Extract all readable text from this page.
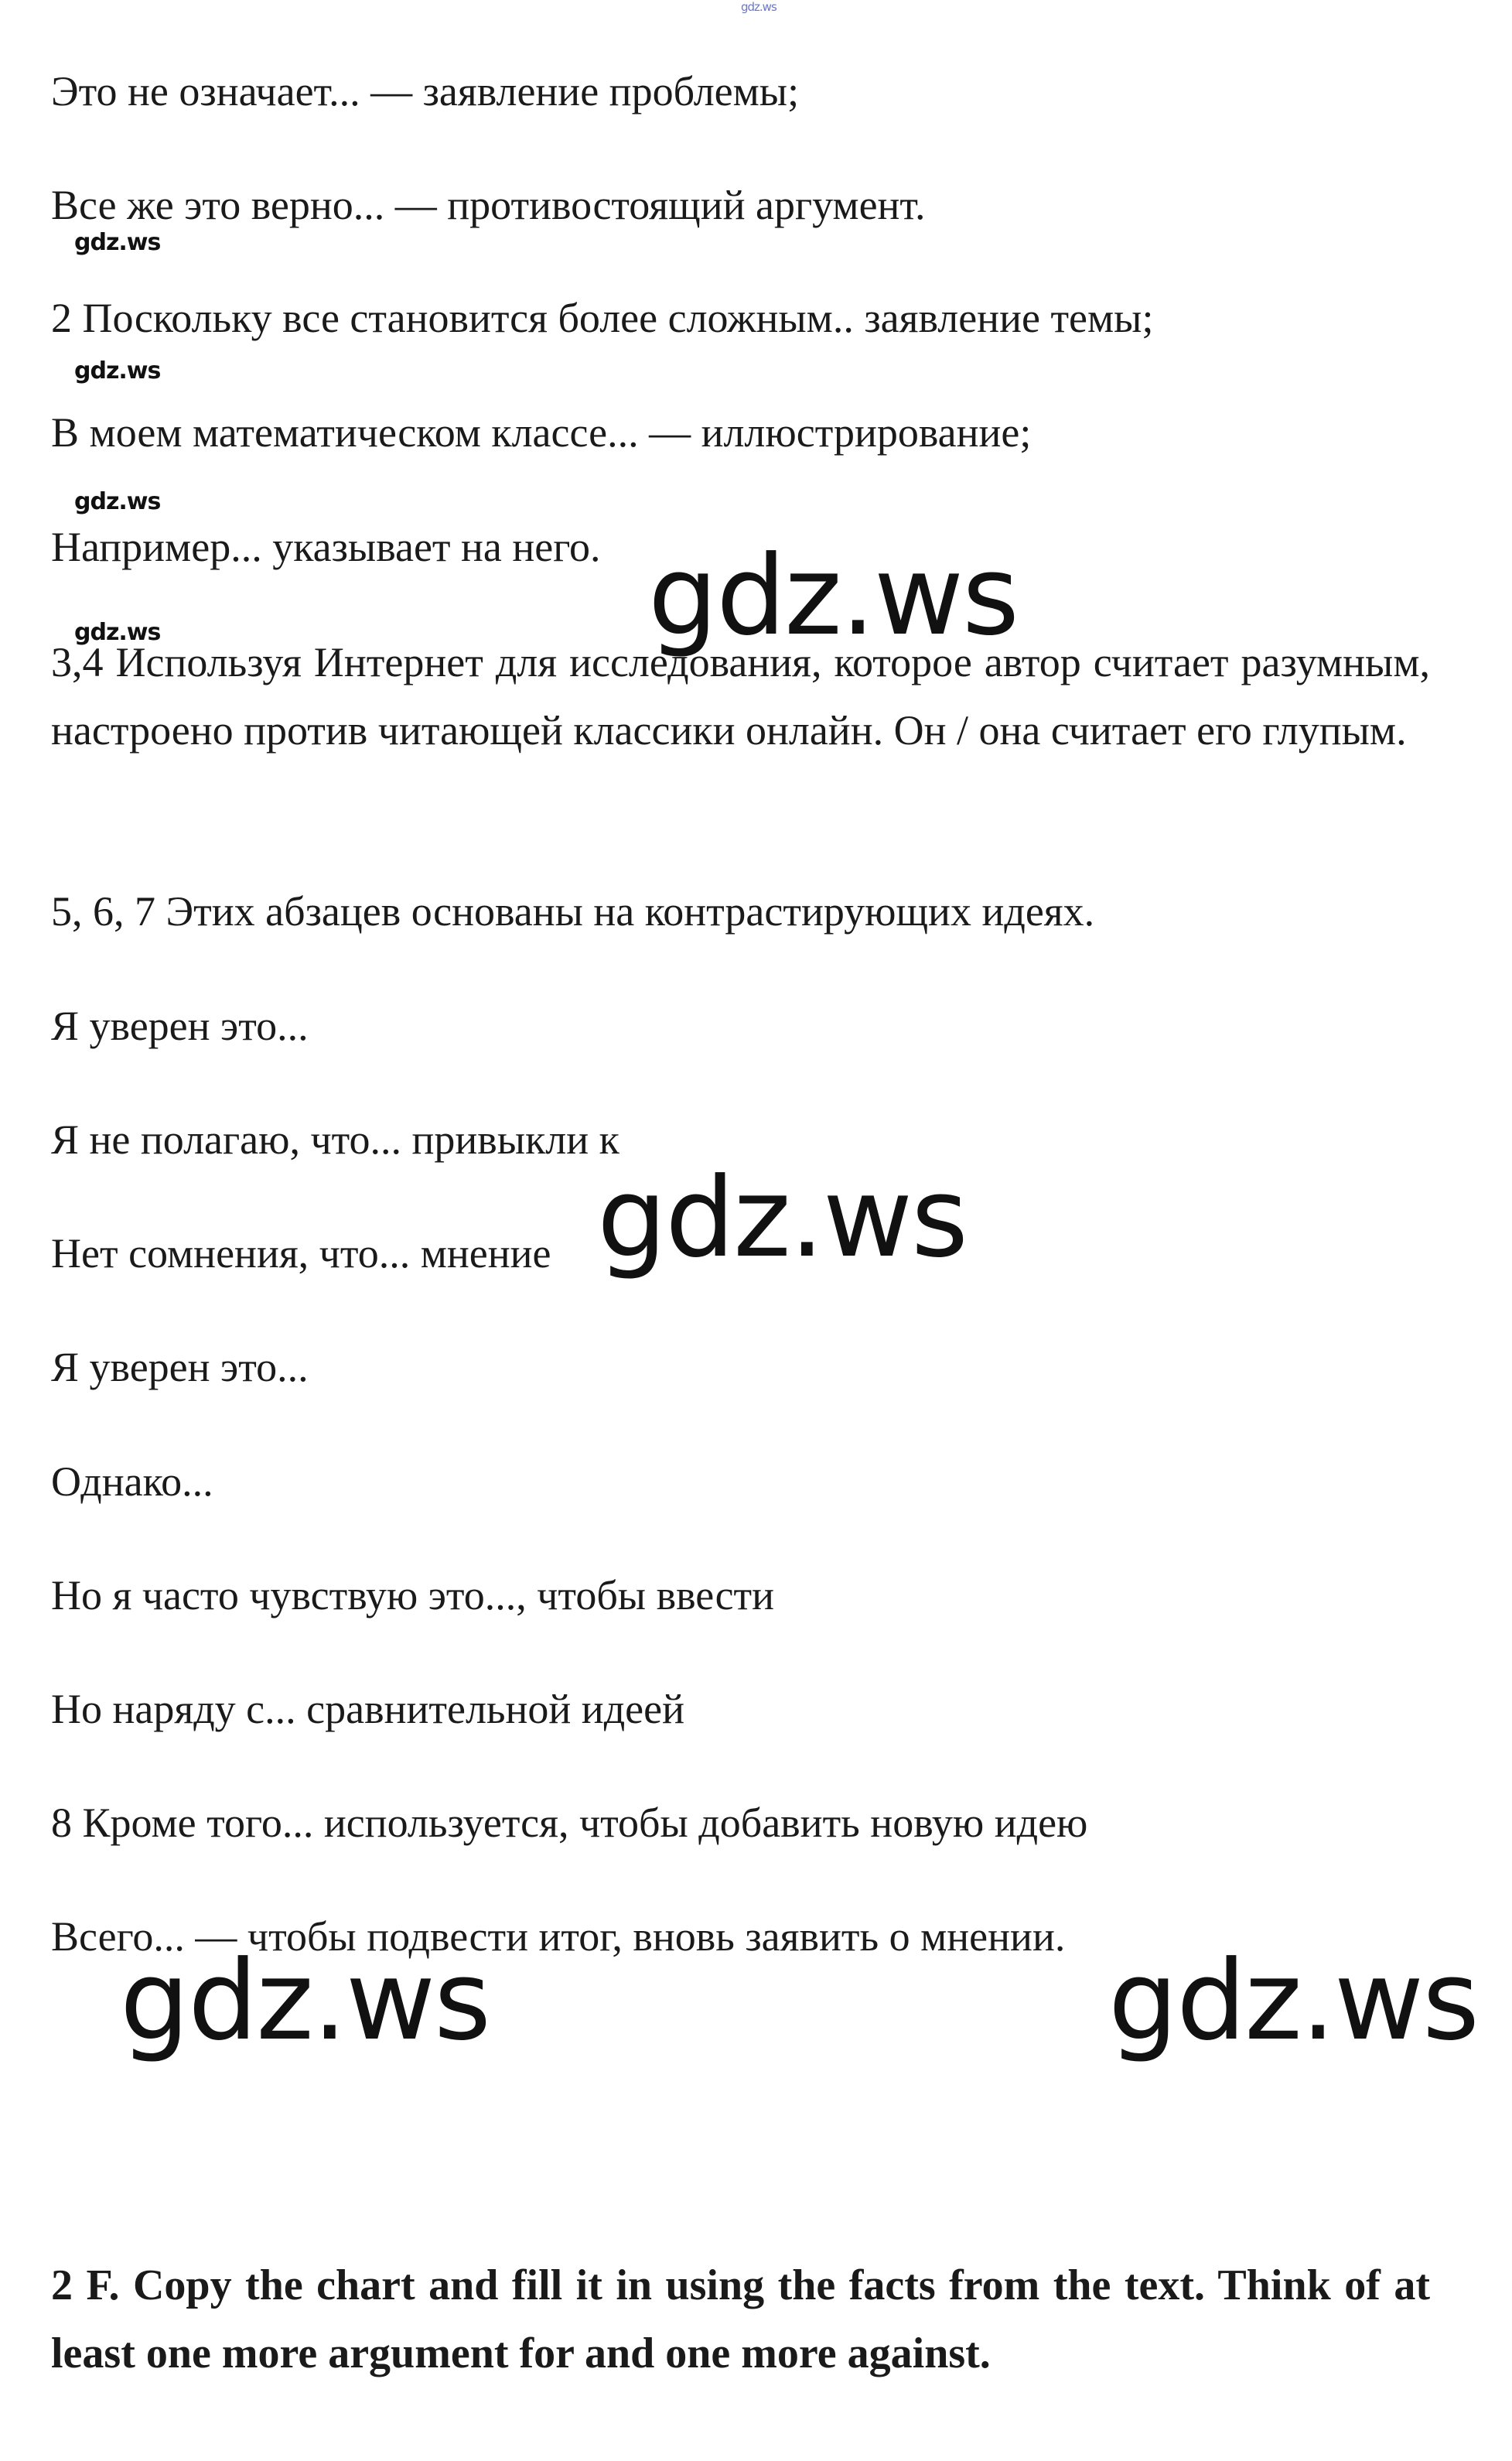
gdz.ws

Это не означает... — заявление проблемы;

Все же это верно... — противостоящий аргумент.

gdz.ws

2 Поскольку все становится более сложным.. заявление темы;

gdz.ws

В моем математическом классе... — иллюстрирование;

gdz.ws

Например... указывает на него. gdz.ws
gdz.ws

3,4 Используя Интернет для исследования, которое автор считает разумным, настроено против читающей классики онлайн. Он / она считает его глупым.

5, 6, 7 Этих абзацев основаны на контрастирующих идеях.

Я уверен это...

Я не полагаю, что... привыкли к

Нет сомнения, что... мнение gdz.ws

Я уверен это...

Однако...

Но я часто чувствую это..., чтобы ввести

Но наряду с... сравнительной идеей

8 Кроме того... используется, чтобы добавить новую идею

Всего... — чтобы подвести итог, вновь заявить о мнении.

gdz.ws	gdz.ws

2 F. Copy the chart and fill it in using the facts from the text. Think of at least one more argument for and one more against.
